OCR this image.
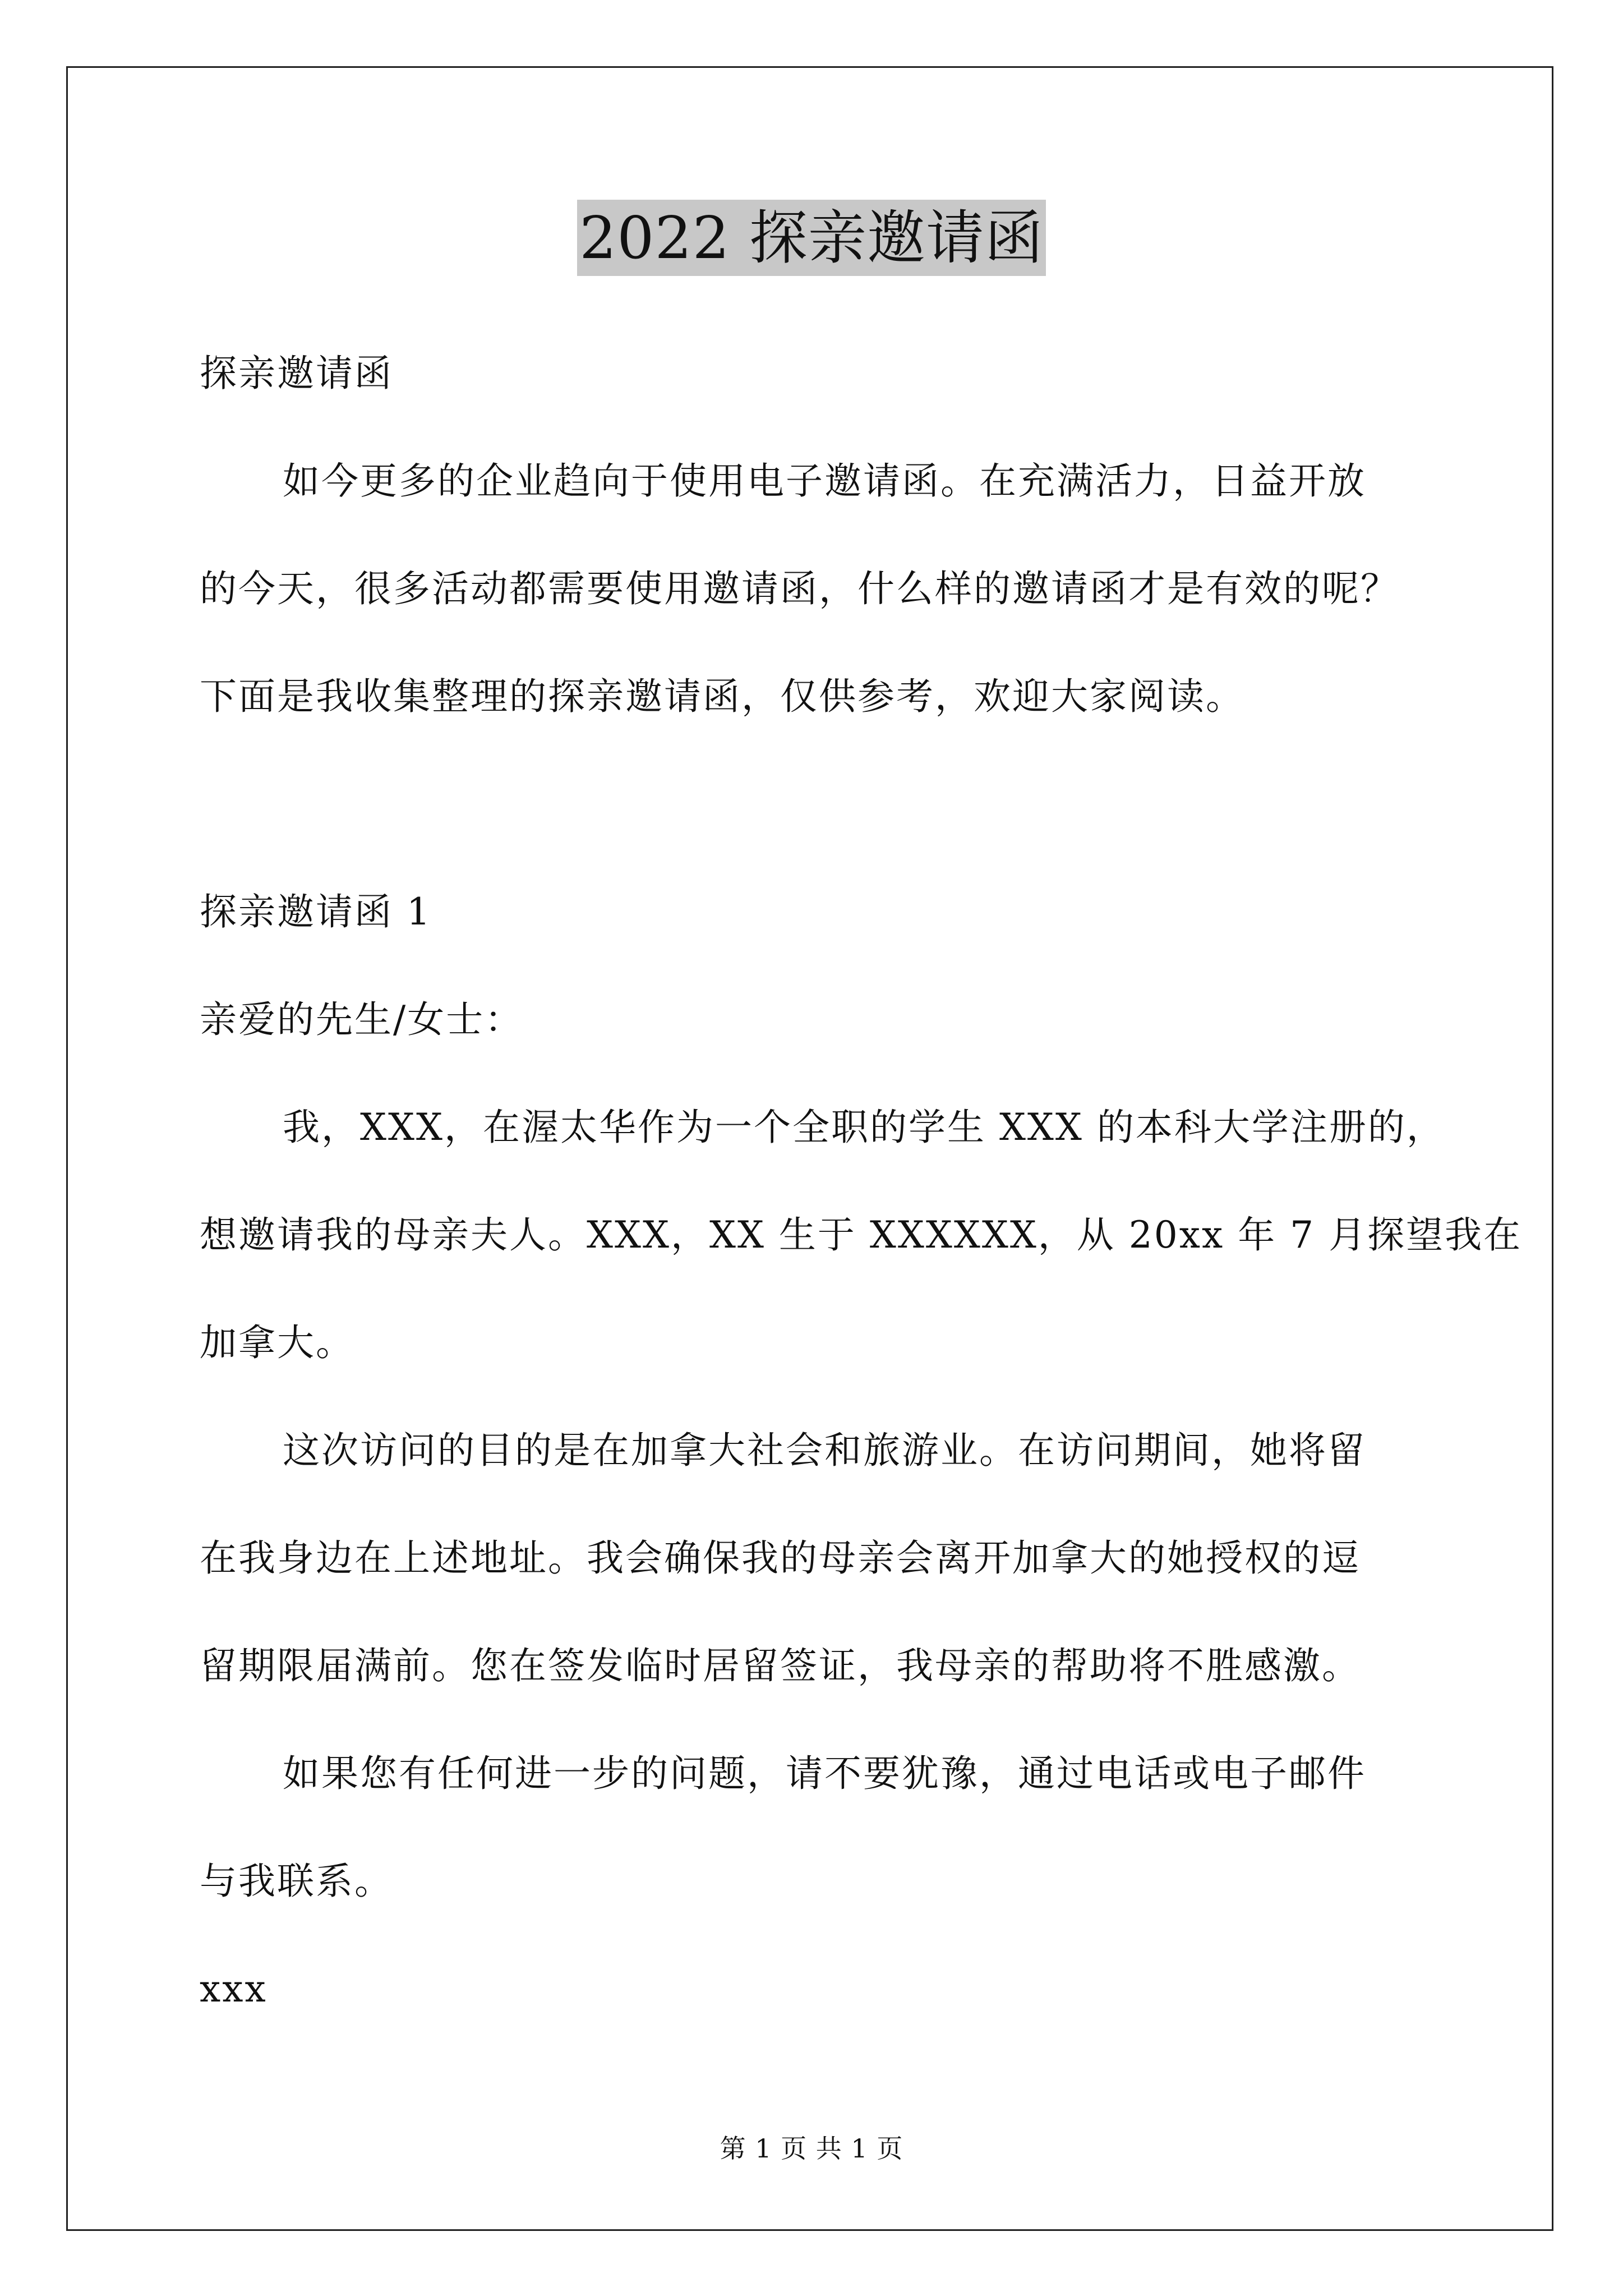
2022 探亲邀请函
探亲邀请函
如今更多的企业趋向于使用电子邀请函。在充满活力，日益开放
的今天，很多活动都需要使用邀请函，什么样的邀请函才是有效的呢？
下面是我收集整理的探亲邀请函，仅供参考，欢迎大家阅读。
探亲邀请函 1
亲爱的先生/女士：
我，XXX，在渥太华作为一个全职的学生 XXX 的本科大学注册的，
想邀请我的母亲夫人。XXX，XX 生于 XXXXXX，从 20xx 年 7 月探望我在
加拿大。
这次访问的目的是在加拿大社会和旅游业。在访问期间，她将留
在我身边在上述地址。我会确保我的母亲会离开加拿大的她授权的逗
留期限届满前。您在签发临时居留签证，我母亲的帮助将不胜感激。
如果您有任何进一步的问题，请不要犹豫，通过电话或电子邮件
与我联系。
xxx
第 1 页 共 1 页
